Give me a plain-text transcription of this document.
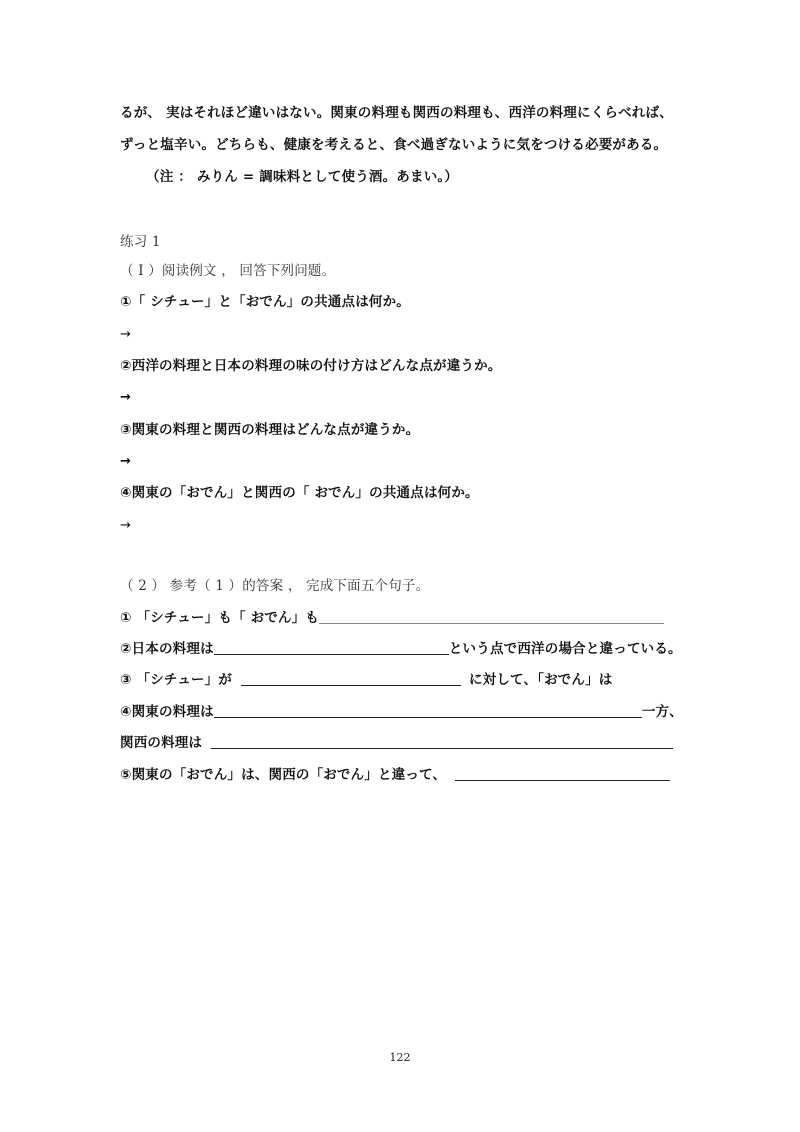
るが、 実はそれほど違いはない。関東の料理も関西の料理も、西洋の料理にくらべれば、
ずっと塩辛い。どちらも、健康を考えると、食べ過ぎないように気をつける必要がある。
（注 ： みりん = 調味料として使う酒。あまい。）
练习 1
（ I ）阅读例文 ， 回答下列问题。
①「 シチュー」と「おでん」の共通点は何か。
→
②西洋の料理と日本の料理の味の付け方はどんな点が違うか。
→
③関東の料理と関西の料理はどんな点が違うか。
→
④関東の「おでん」と関西の「 おでん」の共通点は何か。
→
（ 2 ） 参考（ 1 ）的答案 ， 完成下面五个句子。
① 「シチュー」も「 おでん」も
②日本の料理は	という点で西洋の場合と違っている。
③ 「シチュー」が	に対して、「おでん」は
④関東の料理は	一方、
関西の料理は
⑤関東の「おでん」は、関西の「おでん」と違って、
122
